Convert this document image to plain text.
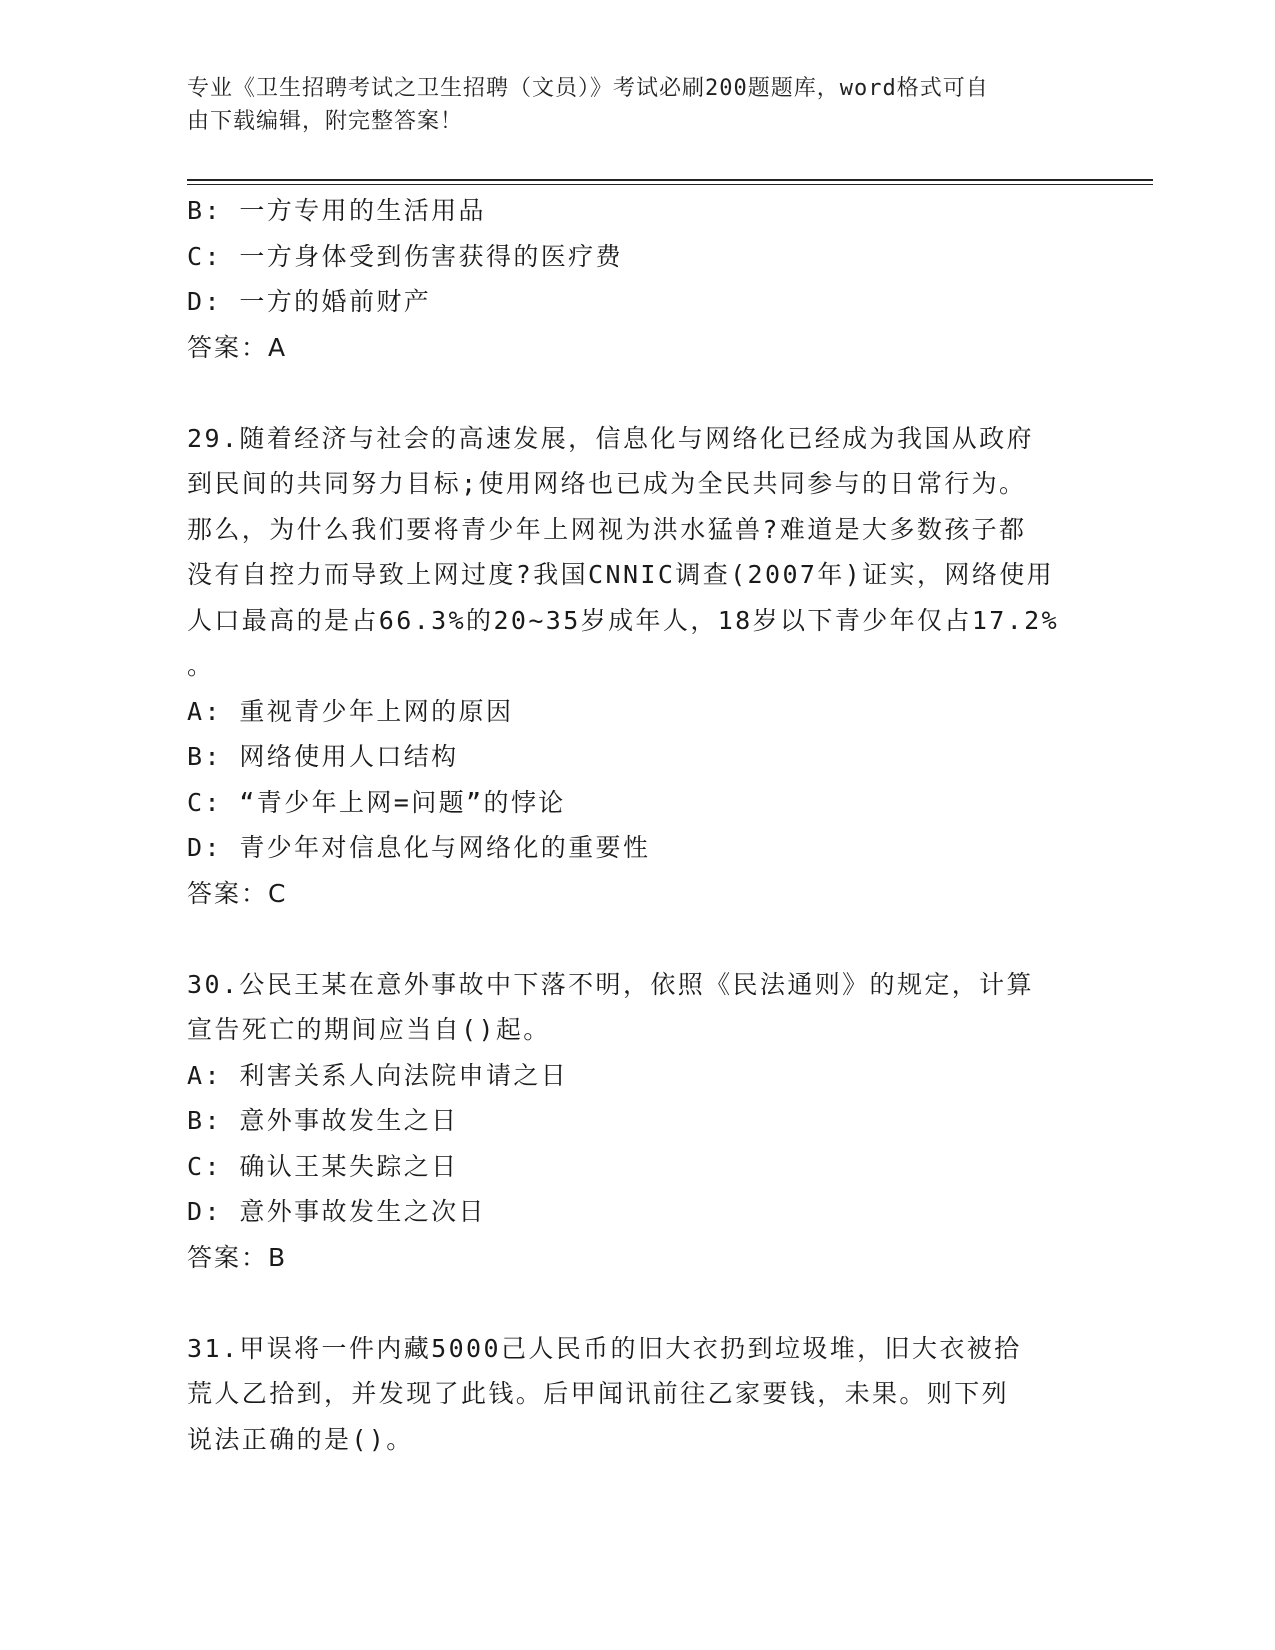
专业《卫生招聘考试之卫生招聘（文员）》考试必刷200题题库，word格式可自
由下载编辑，附完整答案！
B: 一方专用的生活用品
C: 一方身体受到伤害获得的医疗费
D: 一方的婚前财产
答案：A
29.随着经济与社会的高速发展，信息化与网络化已经成为我国从政府
到民间的共同努力目标;使用网络也已成为全民共同参与的日常行为。
那么，为什么我们要将青少年上网视为洪水猛兽?难道是大多数孩子都
没有自控力而导致上网过度?我国CNNIC调查(2007年)证实，网络使用
人口最高的是占66.3%的20~35岁成年人，18岁以下青少年仅占17.2%
。
A: 重视青少年上网的原因
B: 网络使用人口结构
C: “青少年上网=问题”的悖论
D: 青少年对信息化与网络化的重要性
答案：C
30.公民王某在意外事故中下落不明，依照《民法通则》的规定，计算
宣告死亡的期间应当自()起。
A: 利害关系人向法院申请之日
B: 意外事故发生之日
C: 确认王某失踪之日
D: 意外事故发生之次日
答案：B
31.甲误将一件内藏5000己人民币的旧大衣扔到垃圾堆，旧大衣被拾
荒人乙拾到，并发现了此钱。后甲闻讯前往乙家要钱，未果。则下列
说法正确的是()。
